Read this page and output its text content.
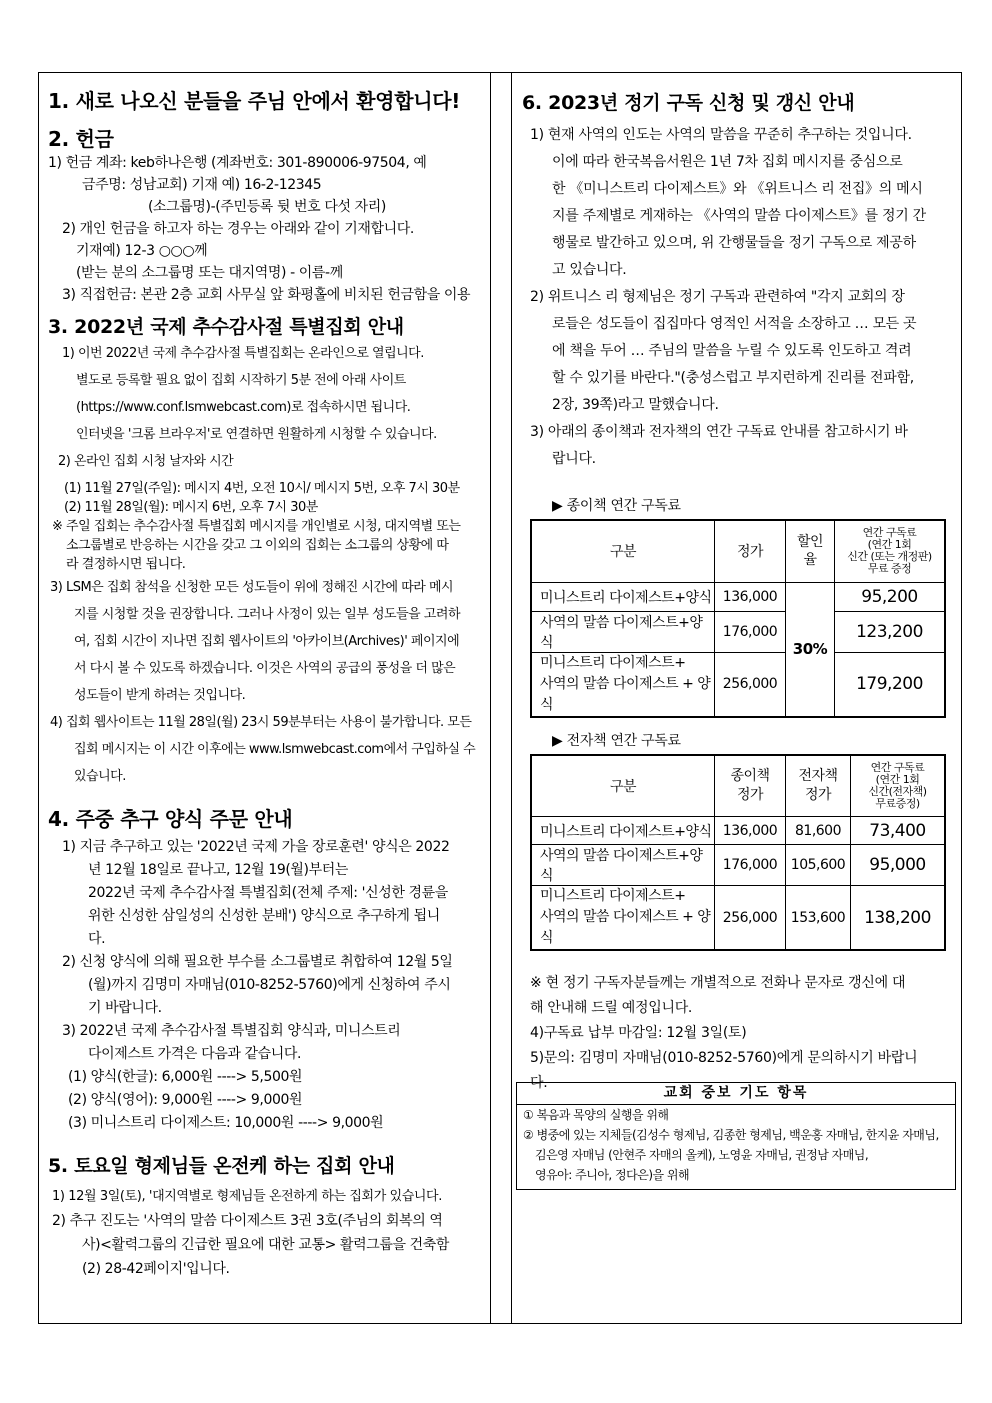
1. 새로 나오신 분들을 주님 안에서 환영합니다!

2. 헌금

1) 헌금 계좌: keb하나은행 (계좌번호: 301-890006-97504, 예

금주명: 성남교회) 기재 예) 16-2-12345

(소그룹명)-(주민등록 뒷 번호 다섯 자리)

2) 개인 헌금을 하고자 하는 경우는 아래와 같이 기재합니다.

기재예) 12-3 ○○○께

(받는 분의 소그룹명 또는 대지역명) - 이름-께

3) 직접헌금: 본관 2층 교회 사무실 앞 화평홀에 비치된 헌금함을 이용

3. 2022년 국제 추수감사절 특별집회 안내

1) 이번 2022년 국제 추수감사절 특별집회는 온라인으로 열립니다.

별도로 등록할 필요 없이 집회 시작하기 5분 전에 아래 사이트

(https://www.conf.lsmwebcast.com)로 접속하시면 됩니다.

인터넷을 '크롬 브라우저'로 연결하면 원활하게 시청할 수 있습니다.

2) 온라인 집회 시청 날자와 시간

(1) 11월 27일(주일): 메시지 4번, 오전 10시/ 메시지 5번, 오후 7시 30분

(2) 11월 28일(월): 메시지 6번, 오후 7시 30분

※ 주일 집회는 추수감사절 특별집회 메시지를 개인별로 시청, 대지역별 또는

소그룹별로 반응하는 시간을 갖고 그 이외의 집회는 소그룹의 상황에 따

라 결정하시면 됩니다.

3) LSM은 집회 참석을 신청한 모든 성도들이 위에 정해진 시간에 따라 메시

지를 시청할 것을 권장합니다. 그러나 사정이 있는 일부 성도들을 고려하

여, 집회 시간이 지나면 집회 웹사이트의 '아카이브(Archives)' 페이지에

서 다시 볼 수 있도록 하겠습니다. 이것은 사역의 공급의 풍성을 더 많은

성도들이 받게 하려는 것입니다.

4) 집회 웹사이트는 11월 28일(월) 23시 59분부터는 사용이 불가합니다. 모든

집회 메시지는 이 시간 이후에는 www.lsmwebcast.com에서 구입하실 수

있습니다.

4. 주중 추구 양식 주문 안내

1) 지금 추구하고 있는 '2022년 국제 가을 장로훈련' 양식은 2022

년 12월 18일로 끝나고, 12월 19(월)부터는

2022년 국제 추수감사절 특별집회(전체 주제: '신성한 경륜을

위한 신성한 삼일성의 신성한 분배') 양식으로 추구하게 됩니

다.

2) 신청 양식에 의해 필요한 부수를 소그룹별로 취합하여 12월 5일

(월)까지 김명미 자매님(010-8252-5760)에게 신청하여 주시

기 바랍니다.

3) 2022년 국제 추수감사절 특별집회 양식과, 미니스트리

다이제스트 가격은 다음과 같습니다.

(1) 양식(한글): 6,000원 ----> 5,500원

(2) 양식(영어): 9,000원 ----> 9,000원

(3) 미니스트리 다이제스트: 10,000원 ----> 9,000원

5. 토요일 형제님들 온전케 하는 집회 안내

1) 12월 3일(토), '대지역별로 형제님들 온전하게 하는 집회가 있습니다.

2) 추구 진도는 '사역의 말씀 다이제스트 3권 3호(주님의 회복의 역

사)<활력그룹의 긴급한 필요에 대한 교통> 활력그룹을 건축함

(2) 28-42페이지'입니다.

6. 2023년 정기 구독 신청 및 갱신 안내

1) 현재 사역의 인도는 사역의 말씀을 꾸준히 추구하는 것입니다.

이에 따라 한국복음서원은 1년 7차 집회 메시지를 중심으로

한 《미니스트리 다이제스트》와 《위트니스 리 전집》의 메시

지를 주제별로 게재하는 《사역의 말씀 다이제스트》를 정기 간

행물로 발간하고 있으며, 위 간행물들을 정기 구독으로 제공하

고 있습니다.

2) 위트니스 리 형제님은 정기 구독과 관련하여 "각지 교회의 장

로들은 성도들이 집집마다 영적인 서적을 소장하고 … 모든 곳

에 책을 두어 … 주님의 말씀을 누릴 수 있도록 인도하고 격려

할 수 있기를 바란다."(충성스럽고 부지런하게 진리를 전파함,

2장, 39쪽)라고 말했습니다.

3) 아래의 종이책과 전자책의 연간 구독료 안내를 참고하시기 바

랍니다.

▶ 종이책 연간 구독료

구분	정가	할인
율	연간 구독료
(연간 1회
신간 (또는 개정판)
무료 증정
미니스트리 다이제스트+양식	136,000	30%	95,200
사역의 말씀 다이제스트+양식	176,000		123,200
미니스트리 다이제스트+
사역의 말씀 다이제스트 + 양식	256,000		179,200

▶ 전자책 연간 구독료

구분	종이책
정가	전자책
정가	연간 구독료
(연간 1회
신간(전자책)
무료증정)
미니스트리 다이제스트+양식	136,000	81,600	73,400
사역의 말씀 다이제스트+양식	176,000	105,600	95,000
미니스트리 다이제스트+
사역의 말씀 다이제스트 + 양식	256,000	153,600	138,200

※ 현 정기 구독자분들께는 개별적으로 전화나 문자로 갱신에 대

해 안내해 드릴 예정입니다.

4)구독료 납부 마감일: 12월 3일(토)

5)문의: 김명미 자매님(010-8252-5760)에게 문의하시기 바랍니

다.

교회 중보 기도 항목

① 복음과 목양의 실행을 위해

② 병중에 있는 지체들(김성수 형제님, 김종한 형제님, 백운홍 자매님, 한지윤 자매님,

김은영 자매님 (안현주 자매의 올케), 노영윤 자매님, 권정남 자매님,

영유아: 주니아, 정다은)을 위해
